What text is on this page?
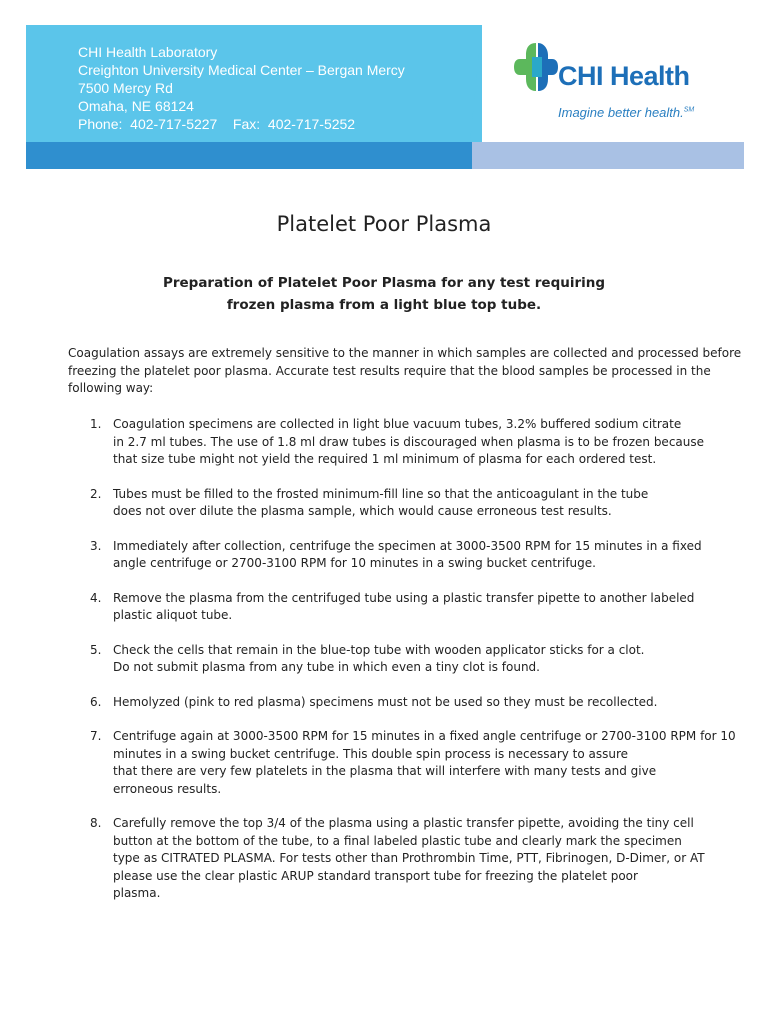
CHI Health Laboratory
Creighton University Medical Center – Bergan Mercy
7500 Mercy Rd
Omaha, NE 68124
Phone:  402-717-5227    Fax:  402-717-5252
CHI Health
Imagine better health.℠
Platelet Poor Plasma
Preparation of Platelet Poor Plasma for any test requiring
frozen plasma from a light blue top tube.
Coagulation assays are extremely sensitive to the manner in which samples are collected and processed before
freezing the platelet poor plasma. Accurate test results require that the blood samples be processed in the
following way:
1. Coagulation specimens are collected in light blue vacuum tubes, 3.2% buffered sodium citrate
in 2.7 ml tubes. The use of 1.8 ml draw tubes is discouraged when plasma is to be frozen because
that size tube might not yield the required 1 ml minimum of plasma for each ordered test.
2. Tubes must be filled to the frosted minimum-fill line so that the anticoagulant in the tube
does not over dilute the plasma sample, which would cause erroneous test results.
3. Immediately after collection, centrifuge the specimen at 3000-3500 RPM for 15 minutes in a fixed
angle centrifuge or 2700-3100 RPM for 10 minutes in a swing bucket centrifuge.
4. Remove the plasma from the centrifuged tube using a plastic transfer pipette to another labeled
plastic aliquot tube.
5. Check the cells that remain in the blue-top tube with wooden applicator sticks for a clot.
Do not submit plasma from any tube in which even a tiny clot is found.
6. Hemolyzed (pink to red plasma) specimens must not be used so they must be recollected.
7. Centrifuge again at 3000-3500 RPM for 15 minutes in a fixed angle centrifuge or 2700-3100 RPM for 10
minutes in a swing bucket centrifuge. This double spin process is necessary to assure
that there are very few platelets in the plasma that will interfere with many tests and give
erroneous results.
8. Carefully remove the top 3/4 of the plasma using a plastic transfer pipette, avoiding the tiny cell
button at the bottom of the tube, to a final labeled plastic tube and clearly mark the specimen
type as CITRATED PLASMA. For tests other than Prothrombin Time, PTT, Fibrinogen, D-Dimer, or AT
please use the clear plastic ARUP standard transport tube for freezing the platelet poor
plasma.
